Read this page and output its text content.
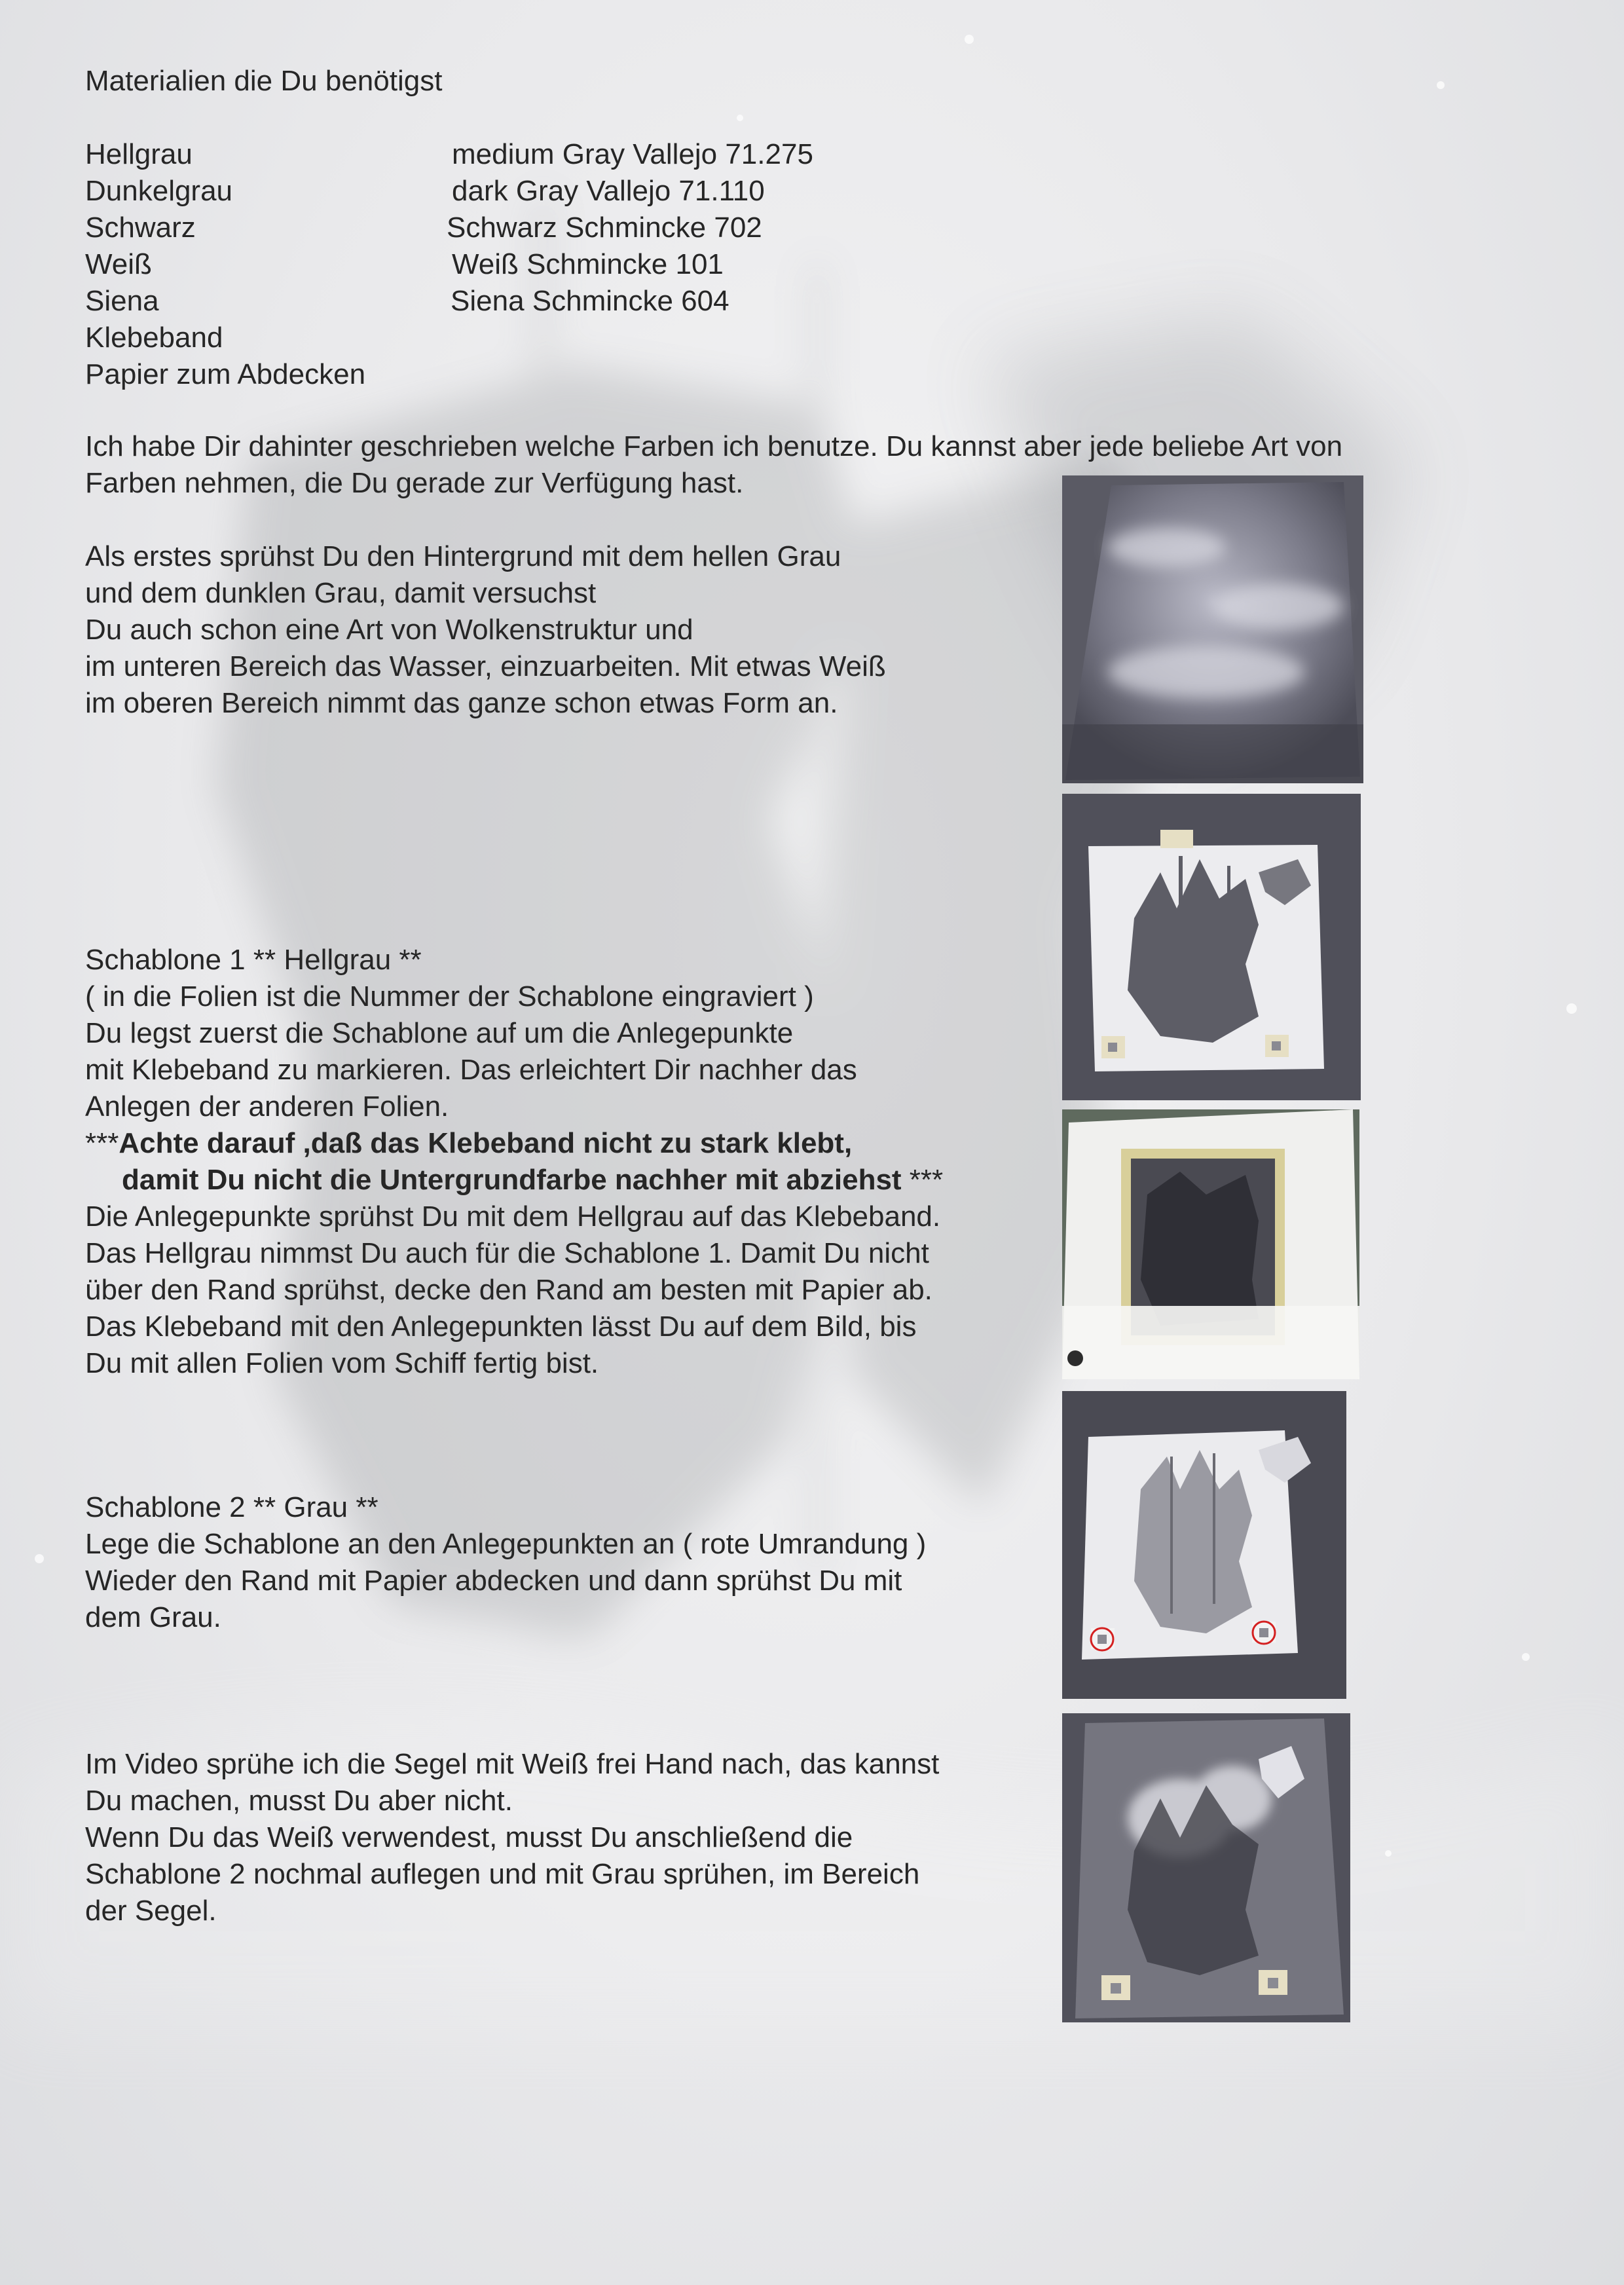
Materialien die Du benötigst
Hellgrau	medium Gray Vallejo 71.275
Dunkelgrau	dark Gray Vallejo 71.110
Schwarz	Schwarz Schmincke 702
Weiß	Weiß Schmincke 101
Siena	Siena Schmincke 604
Klebeband
Papier zum Abdecken
Ich habe Dir dahinter geschrieben welche Farben ich benutze. Du kannst aber jede beliebe Art von
Farben nehmen, die Du gerade zur Verfügung hast.
Als erstes sprühst Du den Hintergrund mit dem hellen Grau
und dem dunklen Grau, damit versuchst
Du auch schon eine Art von Wolkenstruktur und
im unteren Bereich das Wasser, einzuarbeiten. Mit etwas Weiß
im oberen Bereich nimmt das ganze schon etwas Form an.
Schablone 1 ** Hellgrau **
( in die Folien ist die Nummer der Schablone eingraviert )
Du legst zuerst die Schablone auf um die Anlegepunkte
mit Klebeband zu markieren. Das erleichtert Dir nachher das
Anlegen der anderen Folien.
***Achte darauf ,daß das Klebeband nicht zu stark klebt,
damit Du nicht die Untergrundfarbe nachher mit abziehst ***
Die Anlegepunkte sprühst Du mit dem Hellgrau auf das Klebeband.
Das Hellgrau nimmst Du auch für die Schablone 1. Damit Du nicht
über den Rand sprühst, decke den Rand am besten mit Papier ab.
Das Klebeband mit den Anlegepunkten lässt Du auf dem Bild, bis
Du mit allen Folien vom Schiff fertig bist.
Schablone 2 ** Grau **
Lege die Schablone an den Anlegepunkten an ( rote Umrandung )
Wieder den Rand mit Papier abdecken und dann sprühst Du mit
dem Grau.
Im Video sprühe ich die Segel mit Weiß frei Hand nach, das kannst
Du machen, musst Du aber nicht.
Wenn Du das Weiß verwendest, musst Du anschließend die
Schablone 2 nochmal auflegen und mit Grau sprühen, im Bereich
der Segel.
